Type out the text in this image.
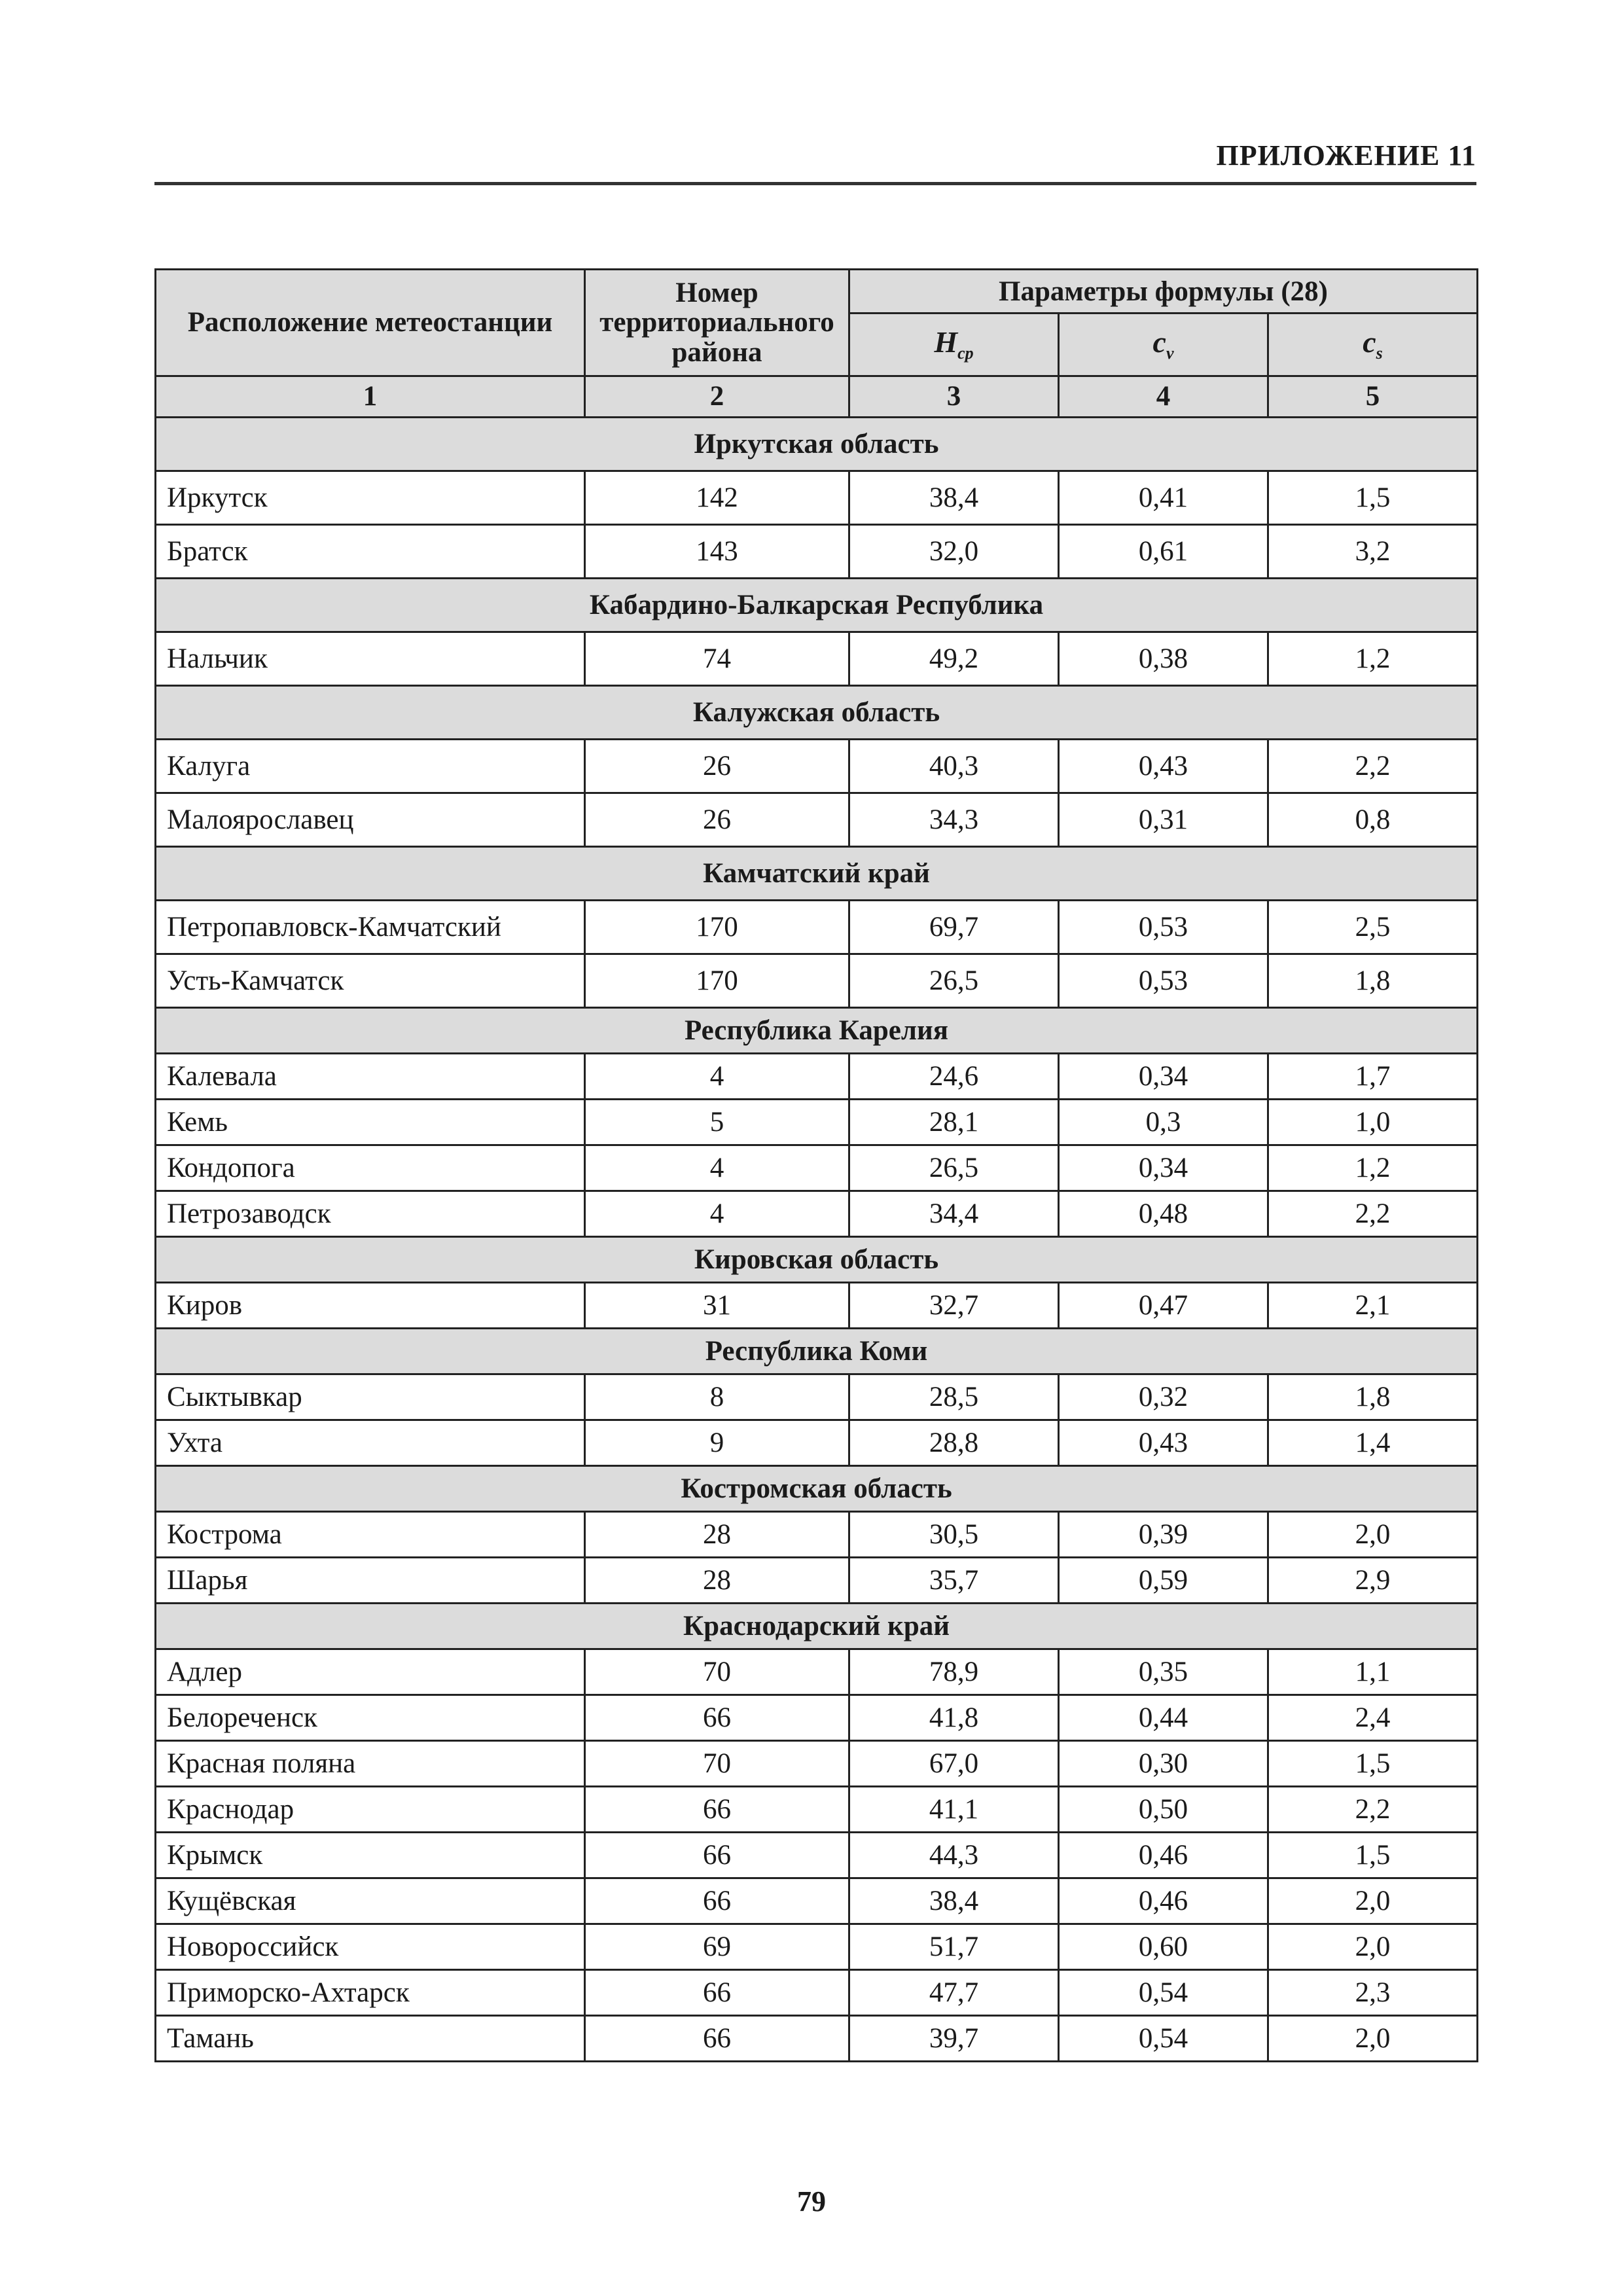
ПРИЛОЖЕНИЕ 11
Расположение метеостанции	Номер территориального района	Параметры формулы (28)		
		$H_{ср}$	$c_v$	$c_s$
1	2	3	4	5
Иркутская область				
Иркутск	142	38,4	0,41	1,5
Братск	143	32,0	0,61	3,2
Кабардино-Балкарская Республика				
Нальчик	74	49,2	0,38	1,2
Калужская область				
Калуга	26	40,3	0,43	2,2
Малоярославец	26	34,3	0,31	0,8
Камчатский край				
Петропавловск-Камчатский	170	69,7	0,53	2,5
Усть-Камчатск	170	26,5	0,53	1,8
Республика Карелия				
Калевала	4	24,6	0,34	1,7
Кемь	5	28,1	0,3	1,0
Кондопога	4	26,5	0,34	1,2
Петрозаводск	4	34,4	0,48	2,2
Кировская область				
Киров	31	32,7	0,47	2,1
Республика Коми				
Сыктывкар	8	28,5	0,32	1,8
Ухта	9	28,8	0,43	1,4
Костромская область				
Кострома	28	30,5	0,39	2,0
Шарья	28	35,7	0,59	2,9
Краснодарский край				
Адлер	70	78,9	0,35	1,1
Белореченск	66	41,8	0,44	2,4
Красная поляна	70	67,0	0,30	1,5
Краснодар	66	41,1	0,50	2,2
Крымск	66	44,3	0,46	1,5
Кущёвская	66	38,4	0,46	2,0
Новороссийск	69	51,7	0,60	2,0
Приморско-Ахтарск	66	47,7	0,54	2,3
Тамань	66	39,7	0,54	2,0
79
